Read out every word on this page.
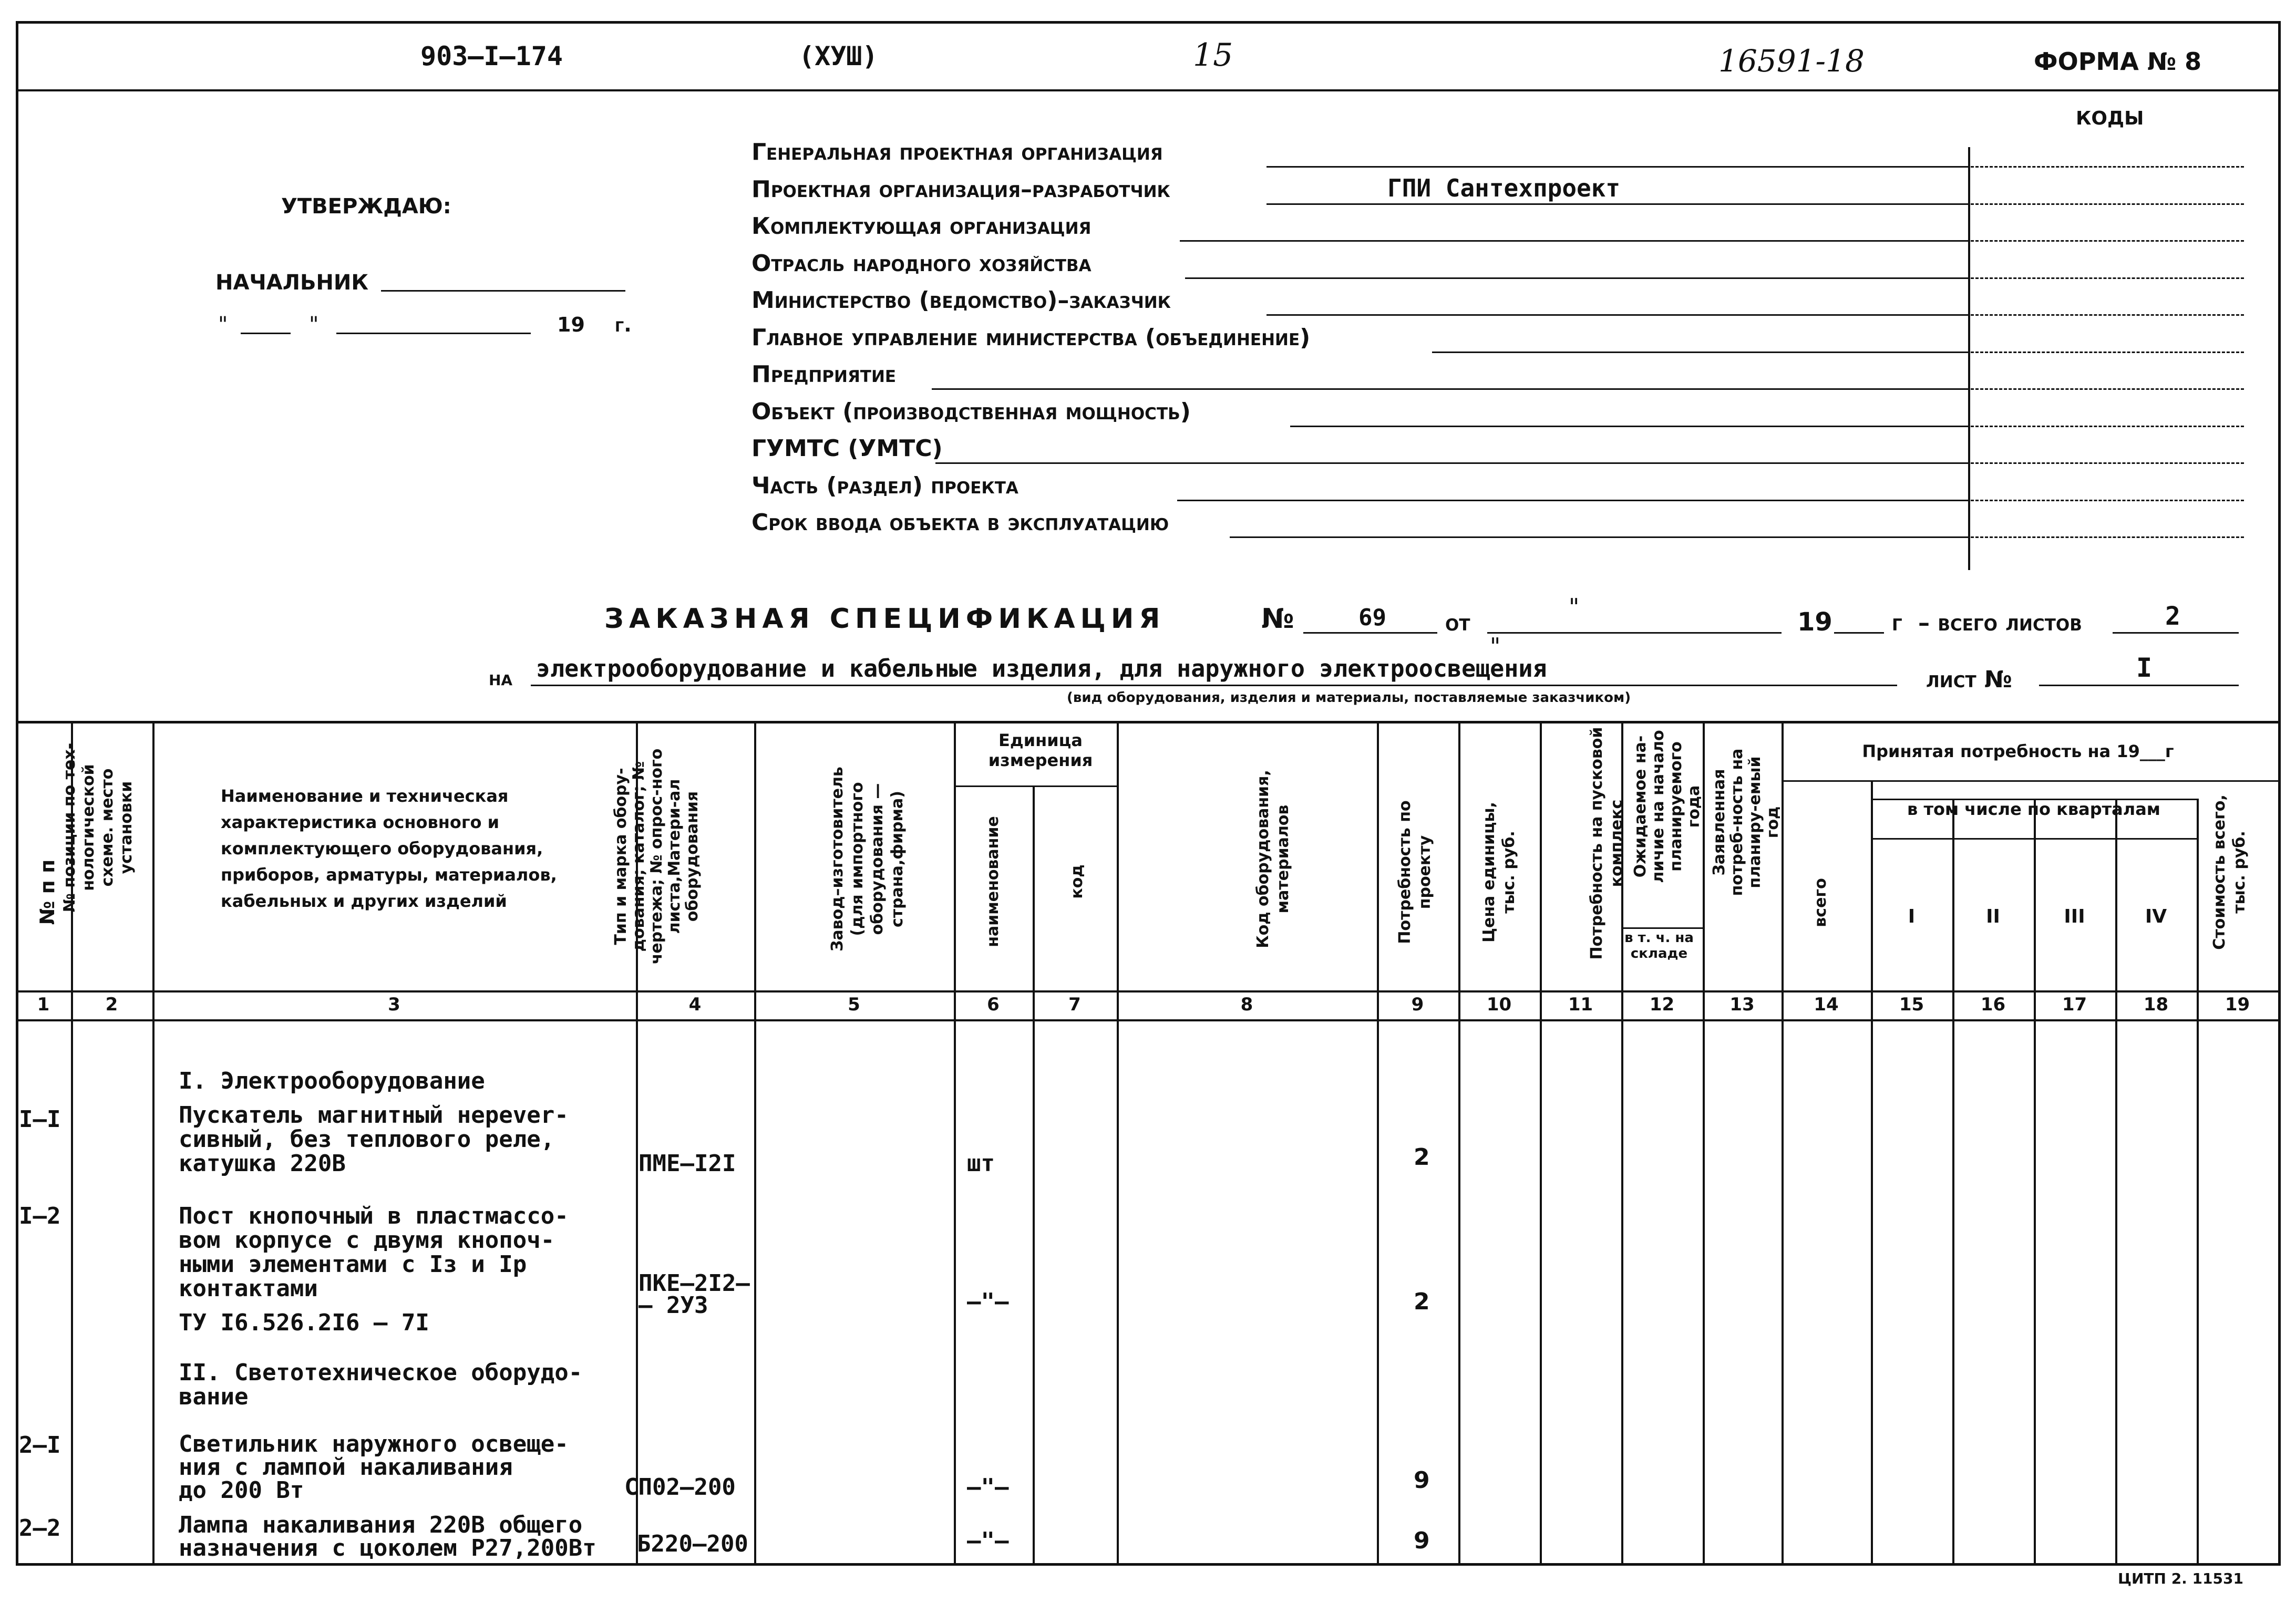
903–I–174	(ХУШ)	15	16591-18	ФОРМА № 8
КОДЫ
УТВЕРЖДАЮ:
НАЧАЛЬНИК
"	"	19 г.
Генеральная проектная организация
Проектная организация–разработчик	ГПИ Сантехпроект
Комплектующая организация
Отрасль народного хозяйства
Министерство (ведомство)–заказчик
Главное управление министерства (объединение)
Предприятие
Объект (производственная мощность)
ГУМТС (УМТС)
Часть (раздел) проекта
Срок ввода объекта в эксплуатацию
ЗАКАЗНАЯ СПЕЦИФИКАЦИЯ	№	69	от
"
"
19	г – всего листов	2
на электрооборудование и кабельные изделия, для наружного электроосвещения	лист №	I
(вид оборудования, изделия и материалы, поставляемые заказчиком)
№ п п № позиции по тех-нологической схеме. место установки	Наименование и техническая характеристика основного и комплектующего оборудования, приборов, арматуры, материалов, кабельных и других изделий	Тип и марка обору-дования; каталог; № чертежа; № опрос-ного листа,Матери-ал оборудования	Завод–изготовитель (для импортного оборудования —страна,фирма)
Единица измерения
наименование	код	Код оборудования, материалов	Потребность по проекту	Цена единицы, тыс. руб.	Потребность на пусковой комплекс Ожидаемое на-личие на начало планируемого года
в т. ч. на складе
Заявленная потреб-ность на планиру-емый год
Принятая потребность на 19___г
всего
в том числе по кварталам
I	II	III	IV	Стоимость всего, тыс. руб.
1	2	3	4	5	6	7	8	9	10	11	12	13	14	15	16	17	18	19
I. Электрооборудование
I–I	Пускатель магнитный нерever-
сивный, без теплового реле,
катушка 220В	ПМЕ–I2I	шт	2
I–2	Пост кнопочный в пластмассо-
вом корпусе с двумя кнопоч-
ными элементами с Iз и Iр
контактами
ТУ I6.526.2I6 – 7I
ПКЕ–2I2–
– 2УЗ	–"–	2
II. Светотехническое оборудо-
вание
2–I	Светильник наружного освеще-
ния с лампой накаливания
до 200 Вт	СП02–200	–"–	9
2–2	Лампа накаливания 220В общего
назначения с цоколем Р27,200Вт Б220–200	–"–	9
ЦИТП 2. 11531
